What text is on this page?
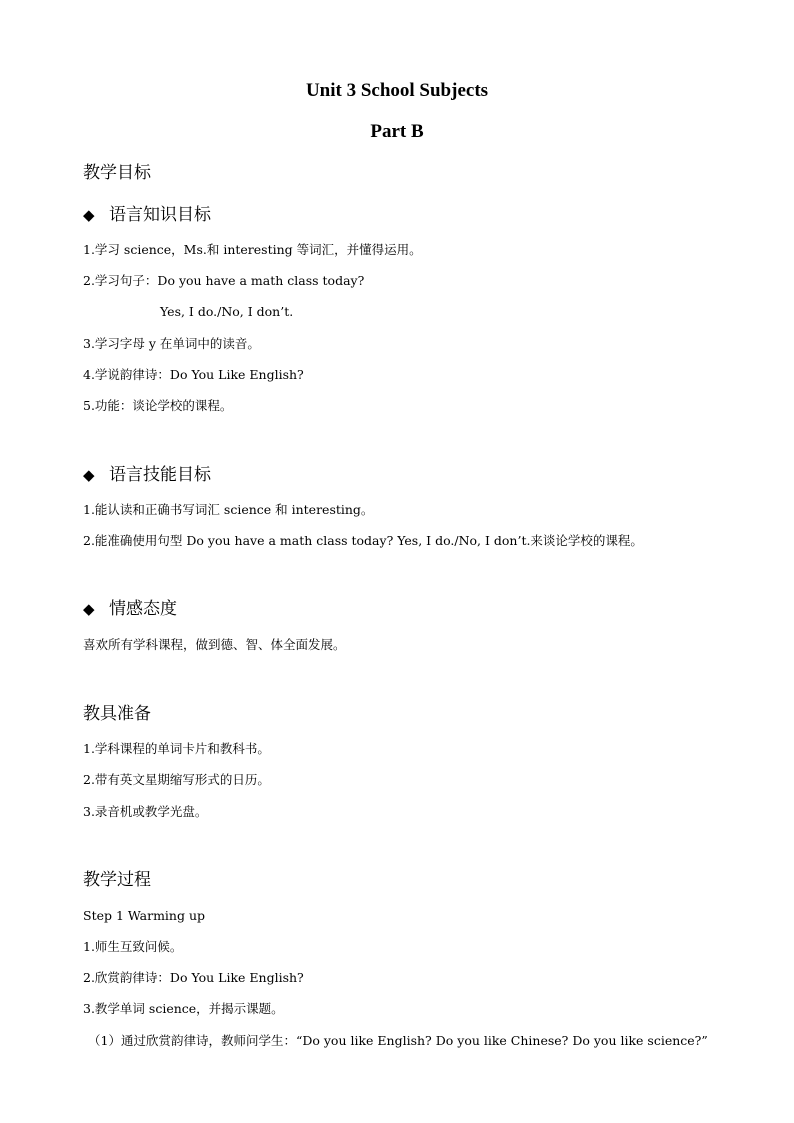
Unit 3 School Subjects
Part B
教学目标
◆ 语言知识目标
1.学习 science，Ms.和 interesting 等词汇，并懂得运用。
2.学习句子：Do you have a math class today?
Yes, I do./No, I don’t.
3.学习字母 y 在单词中的读音。
4.学说韵律诗：Do You Like English?
5.功能：谈论学校的课程。
◆ 语言技能目标
1.能认读和正确书写词汇 science 和 interesting。
2.能准确使用句型 Do you have a math class today? Yes, I do./No, I don’t.来谈论学校的课程。
◆ 情感态度
喜欢所有学科课程，做到德、智、体全面发展。
教具准备
1.学科课程的单词卡片和教科书。
2.带有英文星期缩写形式的日历。
3.录音机或教学光盘。
教学过程
Step 1 Warming up
1.师生互致问候。
2.欣赏韵律诗：Do You Like English?
3.教学单词 science，并揭示课题。
（1）通过欣赏韵律诗，教师问学生：“Do you like English? Do you like Chinese? Do you like science?”
